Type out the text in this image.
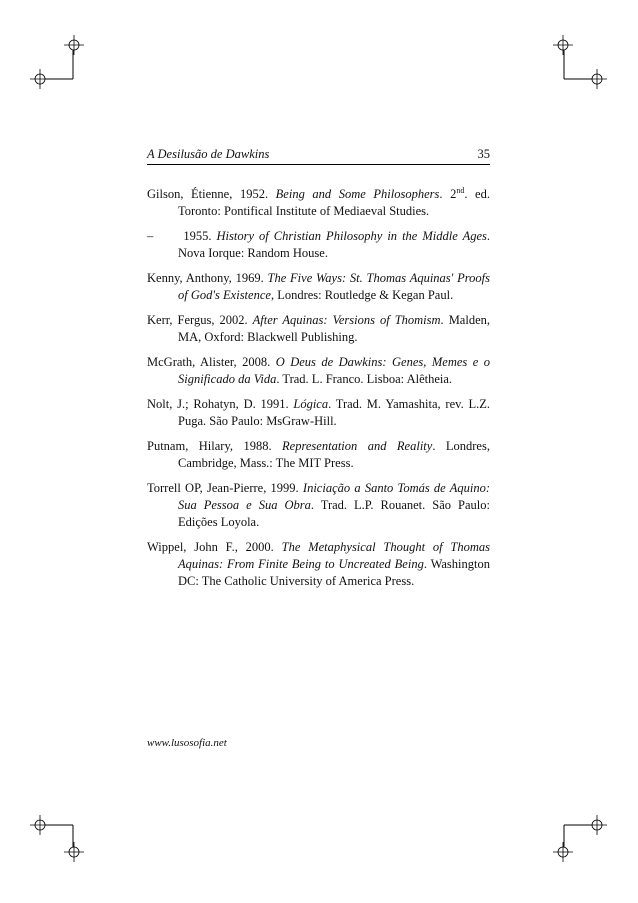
A Desilusão de Dawkins	35

Gilson, Étienne, 1952. Being and Some Philosophers. 2nd. ed. Toronto: Pontifical Institute of Mediaeval Studies.

–      1955. History of Christian Philosophy in the Middle Ages. Nova Iorque: Random House.

Kenny, Anthony, 1969. The Five Ways: St. Thomas Aquinas' Proofs of God's Existence, Londres: Routledge & Kegan Paul.

Kerr, Fergus, 2002. After Aquinas: Versions of Thomism. Malden, MA, Oxford: Blackwell Publishing.

McGrath, Alister, 2008. O Deus de Dawkins: Genes, Memes e o Significado da Vida. Trad. L. Franco. Lisboa: Alêtheia.

Nolt, J.; Rohatyn, D. 1991. Lógica. Trad. M. Yamashita, rev. L.Z. Puga. São Paulo: MsGraw-Hill.

Putnam, Hilary, 1988. Representation and Reality. Londres, Cambridge, Mass.: The MIT Press.

Torrell OP, Jean-Pierre, 1999. Iniciação a Santo Tomás de Aquino: Sua Pessoa e Sua Obra. Trad. L.P. Rouanet. São Paulo: Edições Loyola.

Wippel, John F., 2000. The Metaphysical Thought of Thomas Aquinas: From Finite Being to Uncreated Being. Washington DC: The Catholic University of America Press.

www.lusosofia.net
